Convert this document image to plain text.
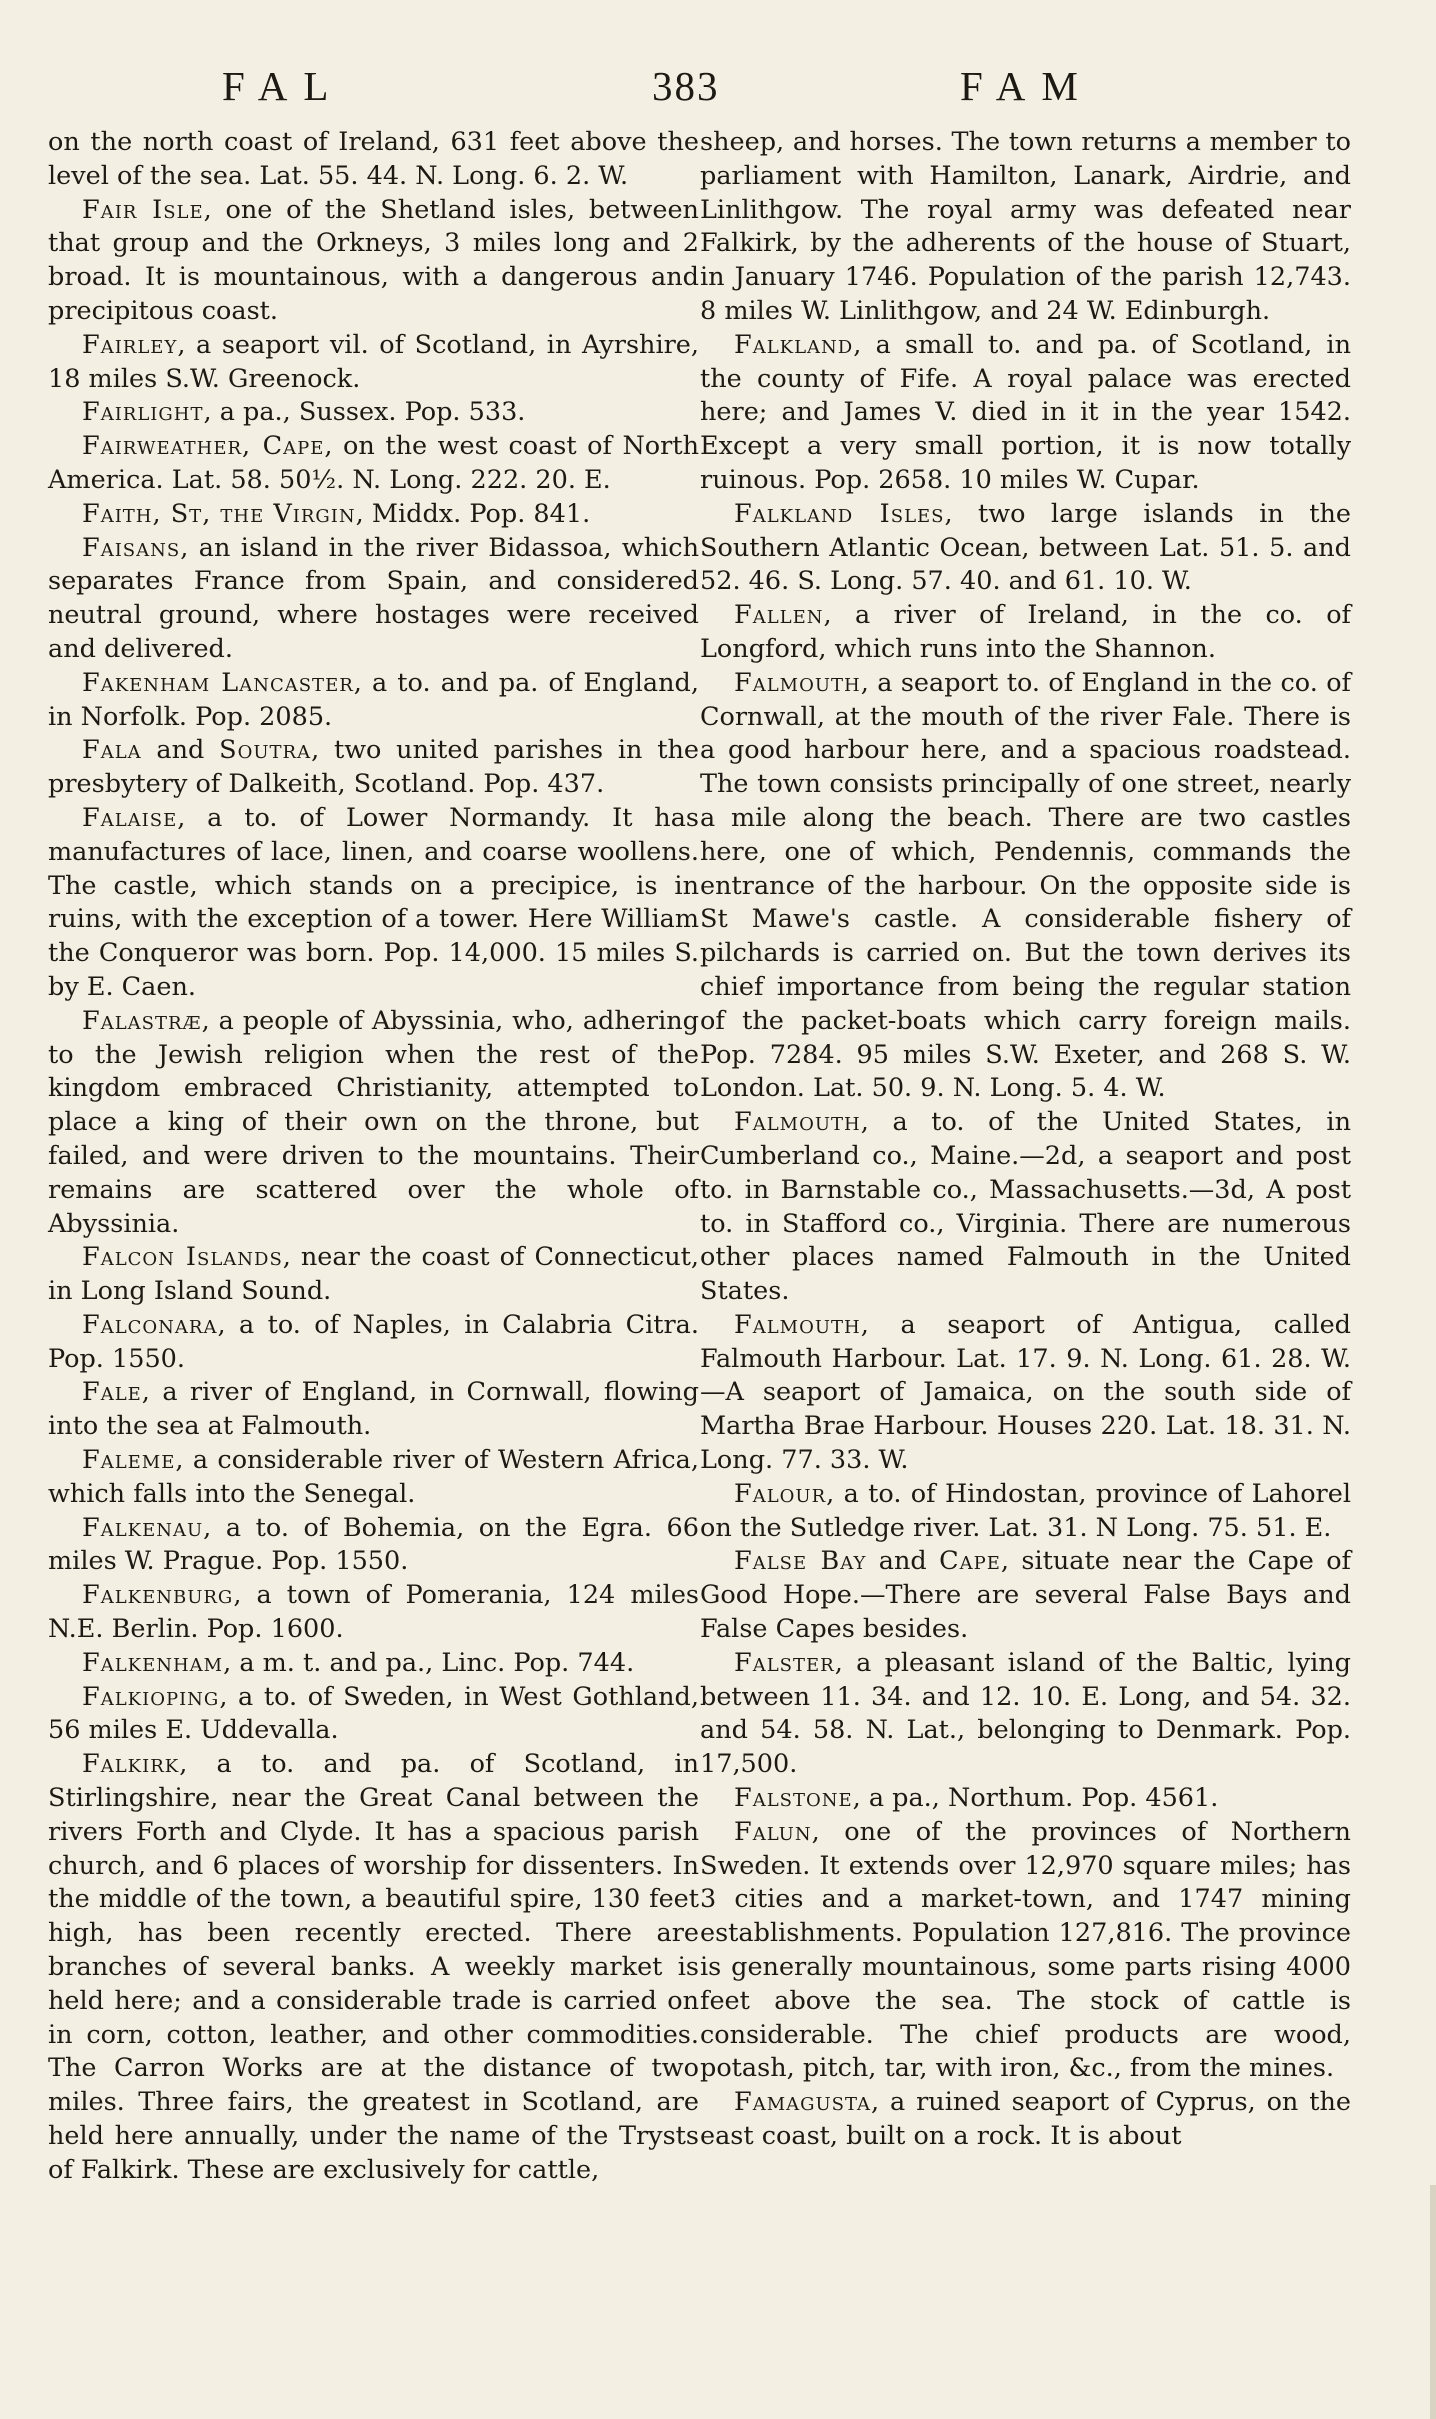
FAL	383	FAM

on the north coast of Ireland, 631 feet above the level of the sea. Lat. 55. 44. N. Long. 6. 2. W.

Fair Isle, one of the Shetland isles, between that group and the Orkneys, 3 miles long and 2 broad. It is mountainous, with a dangerous and precipitous coast.

Fairley, a seaport vil. of Scotland, in Ayrshire, 18 miles S.W. Greenock.

Fairlight, a pa., Sussex. Pop. 533.

Fairweather, Cape, on the west coast of North America. Lat. 58. 50½. N. Long. 222. 20. E.

Faith, St, the Virgin, Middx. Pop. 841.

Faisans, an island in the river Bidassoa, which separates France from Spain, and considered neutral ground, where hostages were received and delivered.

Fakenham Lancaster, a to. and pa. of England, in Norfolk. Pop. 2085.

Fala and Soutra, two united parishes in the presbytery of Dalkeith, Scotland. Pop. 437.

Falaise, a to. of Lower Normandy. It has manufactures of lace, linen, and coarse woollens. The castle, which stands on a precipice, is in ruins, with the exception of a tower. Here William the Conqueror was born. Pop. 14,000. 15 miles S. by E. Caen.

Falastræ, a people of Abyssinia, who, adhering to the Jewish religion when the rest of the kingdom embraced Christianity, attempted to place a king of their own on the throne, but failed, and were driven to the mountains. Their remains are scattered over the whole of Abyssinia.

Falcon Islands, near the coast of Connecticut, in Long Island Sound.

Falconara, a to. of Naples, in Calabria Citra. Pop. 1550.

Fale, a river of England, in Cornwall, flowing into the sea at Falmouth.

Faleme, a considerable river of Western Africa, which falls into the Senegal.

Falkenau, a to. of Bohemia, on the Egra. 66 miles W. Prague. Pop. 1550.

Falkenburg, a town of Pomerania, 124 miles N.E. Berlin. Pop. 1600.

Falkenham, a m. t. and pa., Linc. Pop. 744.

Falkioping, a to. of Sweden, in West Gothland, 56 miles E. Uddevalla.

Falkirk, a to. and pa. of Scotland, in Stirlingshire, near the Great Canal between the rivers Forth and Clyde. It has a spacious parish church, and 6 places of worship for dissenters. In the middle of the town, a beautiful spire, 130 feet high, has been recently erected. There are branches of several banks. A weekly market is held here; and a considerable trade is carried on in corn, cotton, leather, and other commodities. The Carron Works are at the distance of two miles. Three fairs, the greatest in Scotland, are held here annually, under the name of the Trysts of Falkirk. These are exclusively for cattle,

sheep, and horses. The town returns a member to parliament with Hamilton, Lanark, Airdrie, and Linlithgow. The royal army was defeated near Falkirk, by the adherents of the house of Stuart, in January 1746. Population of the parish 12,743. 8 miles W. Linlithgow, and 24 W. Edinburgh.

Falkland, a small to. and pa. of Scotland, in the county of Fife. A royal palace was erected here; and James V. died in it in the year 1542. Except a very small portion, it is now totally ruinous. Pop. 2658. 10 miles W. Cupar.

Falkland Isles, two large islands in the Southern Atlantic Ocean, between Lat. 51. 5. and 52. 46. S. Long. 57. 40. and 61. 10. W.

Fallen, a river of Ireland, in the co. of Longford, which runs into the Shannon.

Falmouth, a seaport to. of England in the co. of Cornwall, at the mouth of the river Fale. There is a good harbour here, and a spacious roadstead. The town consists principally of one street, nearly a mile along the beach. There are two castles here, one of which, Pendennis, commands the entrance of the harbour. On the opposite side is St Mawe's castle. A considerable fishery of pilchards is carried on. But the town derives its chief importance from being the regular station of the packet-boats which carry foreign mails. Pop. 7284. 95 miles S.W. Exeter, and 268 S. W. London. Lat. 50. 9. N. Long. 5. 4. W.

Falmouth, a to. of the United States, in Cumberland co., Maine.—2d, a seaport and post to. in Barnstable co., Massachusetts.—3d, A post to. in Stafford co., Virginia. There are numerous other places named Falmouth in the United States.

Falmouth, a seaport of Antigua, called Falmouth Harbour. Lat. 17. 9. N. Long. 61. 28. W.—A seaport of Jamaica, on the south side of Martha Brae Harbour. Houses 220. Lat. 18. 31. N. Long. 77. 33. W.

Falour, a to. of Hindostan, province of Lahorel on the Sutledge river. Lat. 31. N Long. 75. 51. E.

False Bay and Cape, situate near the Cape of Good Hope.—There are several False Bays and False Capes besides.

Falster, a pleasant island of the Baltic, lying between 11. 34. and 12. 10. E. Long, and 54. 32. and 54. 58. N. Lat., belonging to Denmark. Pop. 17,500.

Falstone, a pa., Northum. Pop. 4561.

Falun, one of the provinces of Northern Sweden. It extends over 12,970 square miles; has 3 cities and a market-town, and 1747 mining establishments. Population 127,816. The province is generally mountainous, some parts rising 4000 feet above the sea. The stock of cattle is considerable. The chief products are wood, potash, pitch, tar, with iron, &c., from the mines.

Famagusta, a ruined seaport of Cyprus, on the east coast, built on a rock. It is about
